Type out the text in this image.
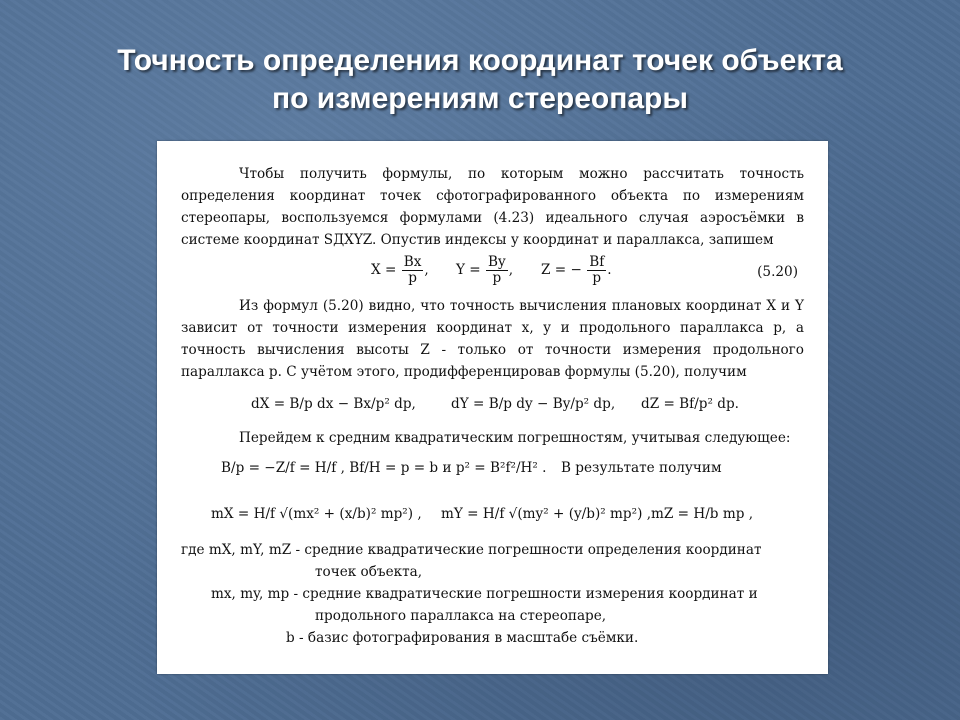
Точность определения координат точек объекта
по измерениям стереопары
Чтобы получить формулы, по которым можно рассчитать точность определения координат точек сфотографированного объекта по измерениям стереопары, воспользуемся формулами (4.23) идеального случая аэросъёмки в системе координат SДXYZ. Опустив индексы у координат и параллакса, запишем
$X = \frac{Bx}{p}$ , $Y = \frac{By}{p}$ , Z = − $\frac{Bf}{p}$ .	(5.20)
Из формул (5.20) видно, что точность вычисления плановых координат X и Y зависит от точности измерения координат x, y и продольного параллакса p, а точность вычисления высоты Z - только от точности измерения продольного параллакса p. С учётом этого, продифференцировав формулы (5.20), получим
dX = B/p dx − Bx/p² dp,	dY = B/p dy − By/p² dp, dZ = Bf/p² dp.
Перейдем к средним квадратическим погрешностям, учитывая следующее:
B/p = −Z/f = H/f , Bf/H = p = b и p² = B²f²/H² . В результате получим
mX = H/f √(mx² + (x/b)² mp²) , mY = H/f √(my² + (y/b)² mp²) , mZ = H/b mp ,
где mX, mY, mZ - средние квадратические погрешности определения координат
точек объекта,
mx, my, mp - средние квадратические погрешности измерения координат и
продольного параллакса на стереопаре,
b - базис фотографирования в масштабе съёмки.
